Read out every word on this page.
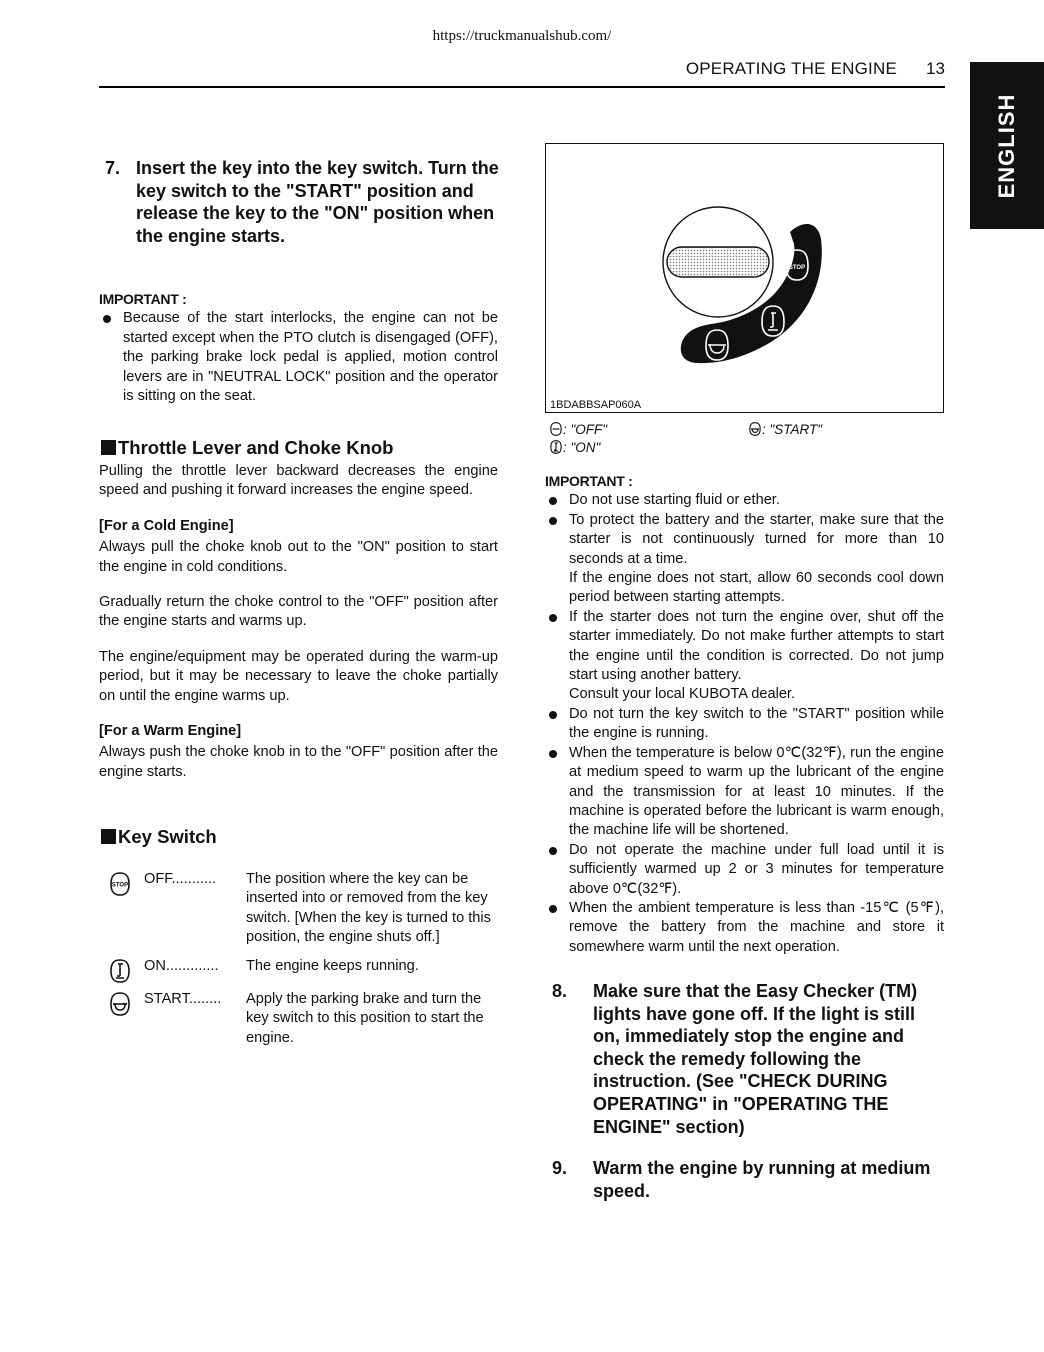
https://truckmanualshub.com/
OPERATING THE ENGINE 13
ENGLISH
7. Insert the key into the key switch. Turn the key switch to the "START" position and release the key to the "ON" position when the engine starts.
IMPORTANT :
Because of the start interlocks, the engine can not be started except when the PTO clutch is disengaged (OFF), the parking brake lock pedal is applied, motion control levers are in "NEUTRAL LOCK" position and the operator is sitting on the seat.
Throttle Lever and Choke Knob
Pulling the throttle lever backward decreases the engine speed and pushing it forward increases the engine speed.
[For a Cold Engine]
Always pull the choke knob out to the "ON" position to start the engine in cold conditions.
Gradually return the choke control to the "OFF" position after the engine starts and warms up.
The engine/equipment may be operated during the warm-up period, but it may be necessary to leave the choke partially on until the engine warms up.
[For a Warm Engine]
Always push the choke knob in to the "OFF" position after the engine starts.
Key Switch
STOP OFF........... The position where the key can be inserted into or removed from the key switch. [When the key is turned to this position, the engine shuts off.]
ON............. The engine keeps running.
START........ Apply the parking brake and turn the key switch to this position to start the engine.
STOP
1BDABBSAP060A
: "OFF"	: "START"
: "ON"
IMPORTANT :
Do not use starting fluid or ether.
To protect the battery and the starter, make sure that the starter is not continuously turned for more than 10 seconds at a time.
If the engine does not start, allow 60 seconds cool down period between starting attempts.
If the starter does not turn the engine over, shut off the starter immediately. Do not make further attempts to start the engine until the condition is corrected. Do not jump start using another battery.
Consult your local KUBOTA dealer.
Do not turn the key switch to the "START" position while the engine is running.
When the temperature is below 0℃(32℉), run the engine at medium speed to warm up the lubricant of the engine and the transmission for at least 10 minutes. If the machine is operated before the lubricant is warm enough, the machine life will be shortened.
Do not operate the machine under full load until it is sufficiently warmed up 2 or 3 minutes for temperature above 0℃(32℉).
When the ambient temperature is less than -15℃ (5℉), remove the battery from the machine and store it somewhere warm until the next operation.
8.	Make sure that the Easy Checker (TM) lights have gone off. If the light is still on, immediately stop the engine and check the remedy following the instruction. (See "CHECK DURING OPERATING" in "OPERATING THE ENGINE" section)
9.	Warm the engine by running at medium speed.
